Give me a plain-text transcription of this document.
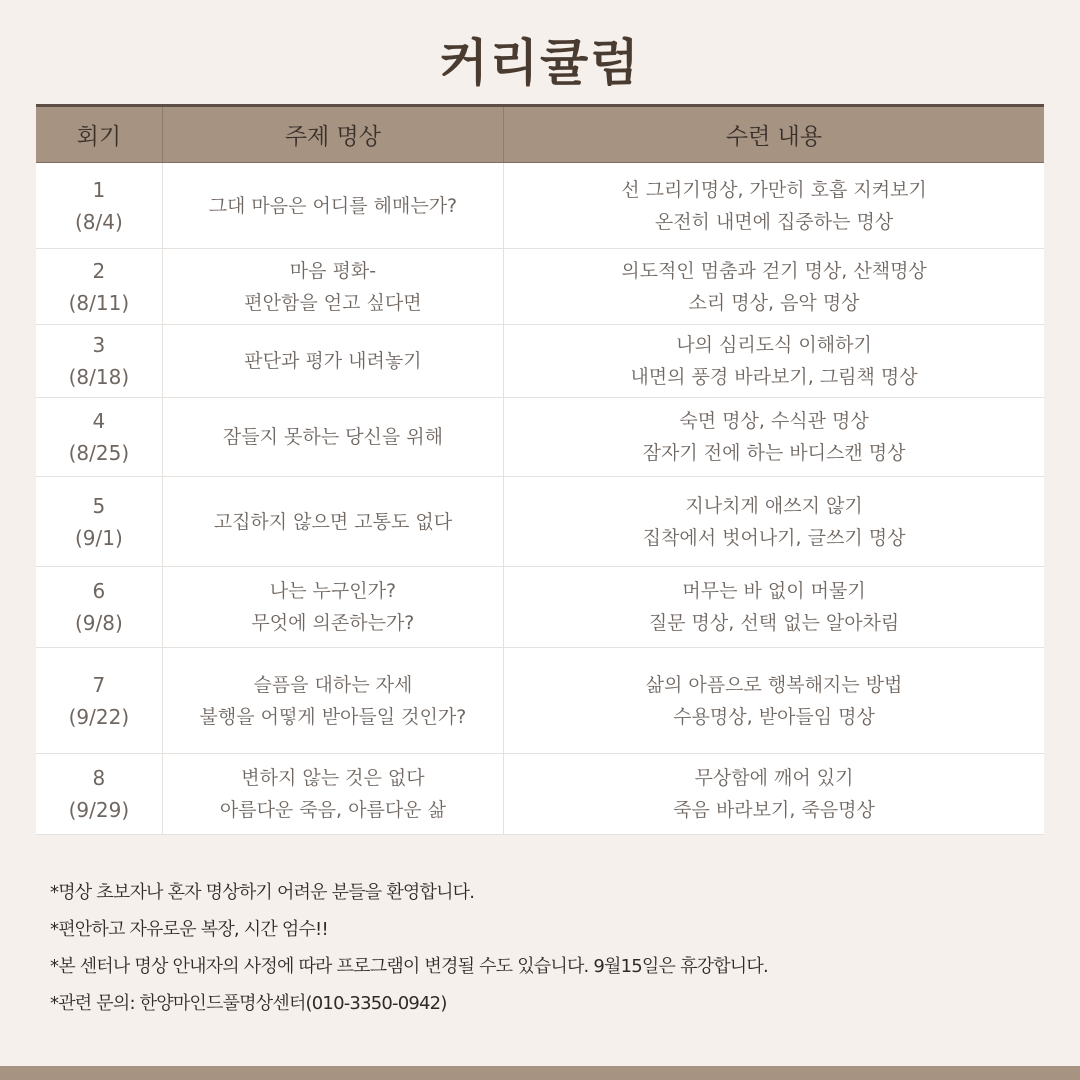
커리큘럼
회기	주제 명상	수련 내용
1
(8/4)
그대 마음은 어디를 헤매는가?
선 그리기명상, 가만히 호흡 지켜보기
온전히 내면에 집중하는 명상
2
(8/11)
마음 평화-
편안함을 얻고 싶다면
의도적인 멈춤과 걷기 명상, 산책명상
소리 명상, 음악 명상
3
(8/18)
판단과 평가 내려놓기
나의 심리도식 이해하기
내면의 풍경 바라보기, 그림책 명상
4
(8/25)
잠들지 못하는 당신을 위해
숙면 명상, 수식관 명상
잠자기 전에 하는 바디스캔 명상
5
(9/1)
고집하지 않으면 고통도 없다
지나치게 애쓰지 않기
집착에서 벗어나기, 글쓰기 명상
6
(9/8)
나는 누구인가?
무엇에 의존하는가?
머무는 바 없이 머물기
질문 명상, 선택 없는 알아차림
7
(9/22)
슬픔을 대하는 자세
불행을 어떻게 받아들일 것인가?
삶의 아픔으로 행복해지는 방법
수용명상, 받아들임 명상
8
(9/29)
변하지 않는 것은 없다
아름다운 죽음, 아름다운 삶
무상함에 깨어 있기
죽음 바라보기, 죽음명상
*명상 초보자나 혼자 명상하기 어려운 분들을 환영합니다.
*편안하고 자유로운 복장, 시간 엄수!!
*본 센터나 명상 안내자의 사정에 따라 프로그램이 변경될 수도 있습니다. 9월15일은 휴강합니다.
*관련 문의: 한양마인드풀명상센터(010-3350-0942)
